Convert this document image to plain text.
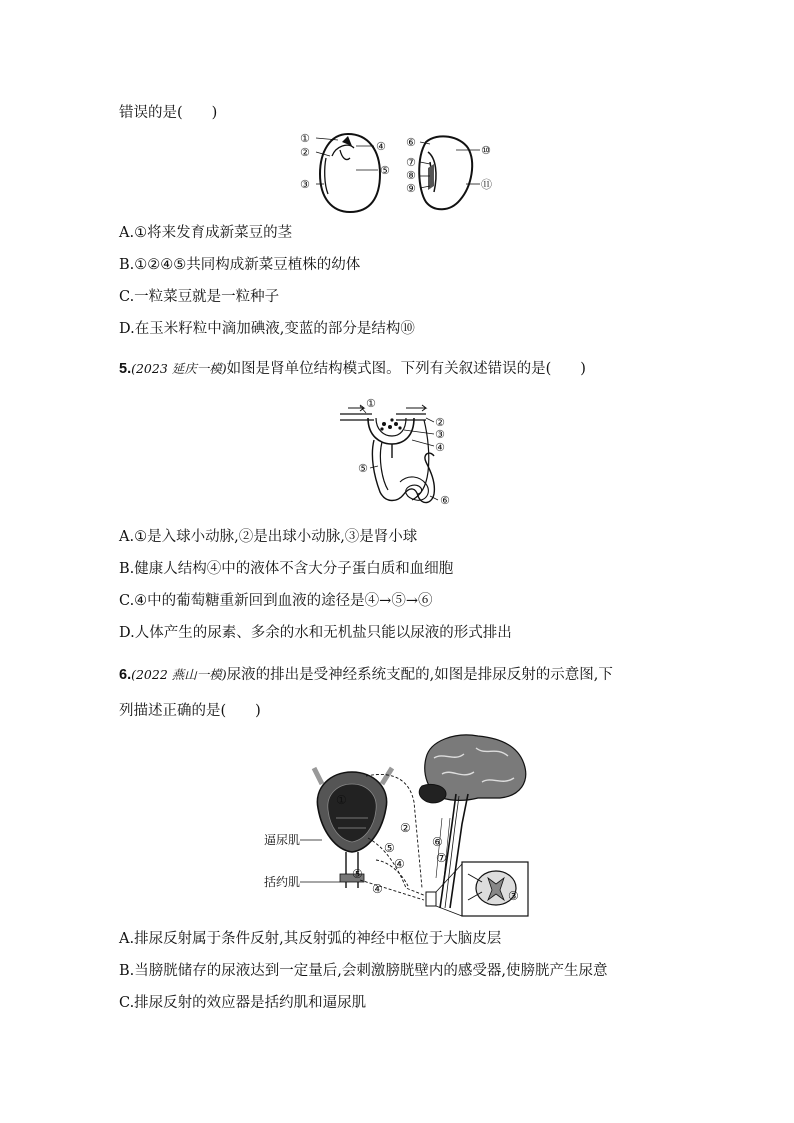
错误的是(　　)
①
②
③
④
⑤
⑥
⑦
⑧
⑨
⑩
⑪
A.①将来发育成新菜豆的茎
B.①②④⑤共同构成新菜豆植株的幼体
C.一粒菜豆就是一粒种子
D.在玉米籽粒中滴加碘液,变蓝的部分是结构⑩
5.(2023 延庆一模)如图是肾单位结构模式图。下列有关叙述错误的是(　　)
①
②
③
④
⑤
⑥
A.①是入球小动脉,②是出球小动脉,③是肾小球
B.健康人结构④中的液体不含大分子蛋白质和血细胞
C.④中的葡萄糖重新回到血液的途径是④→⑤→⑥
D.人体产生的尿素、多余的水和无机盐只能以尿液的形式排出
6.(2022 燕山一模)尿液的排出是受神经系统支配的,如图是排尿反射的示意图,下
列描述正确的是(　　)
逼尿肌
括约肌
①
②
③
④
④
⑤
⑤
⑥
⑦
A.排尿反射属于条件反射,其反射弧的神经中枢位于大脑皮层
B.当膀胱储存的尿液达到一定量后,会刺激膀胱壁内的感受器,使膀胱产生尿意
C.排尿反射的效应器是括约肌和逼尿肌
